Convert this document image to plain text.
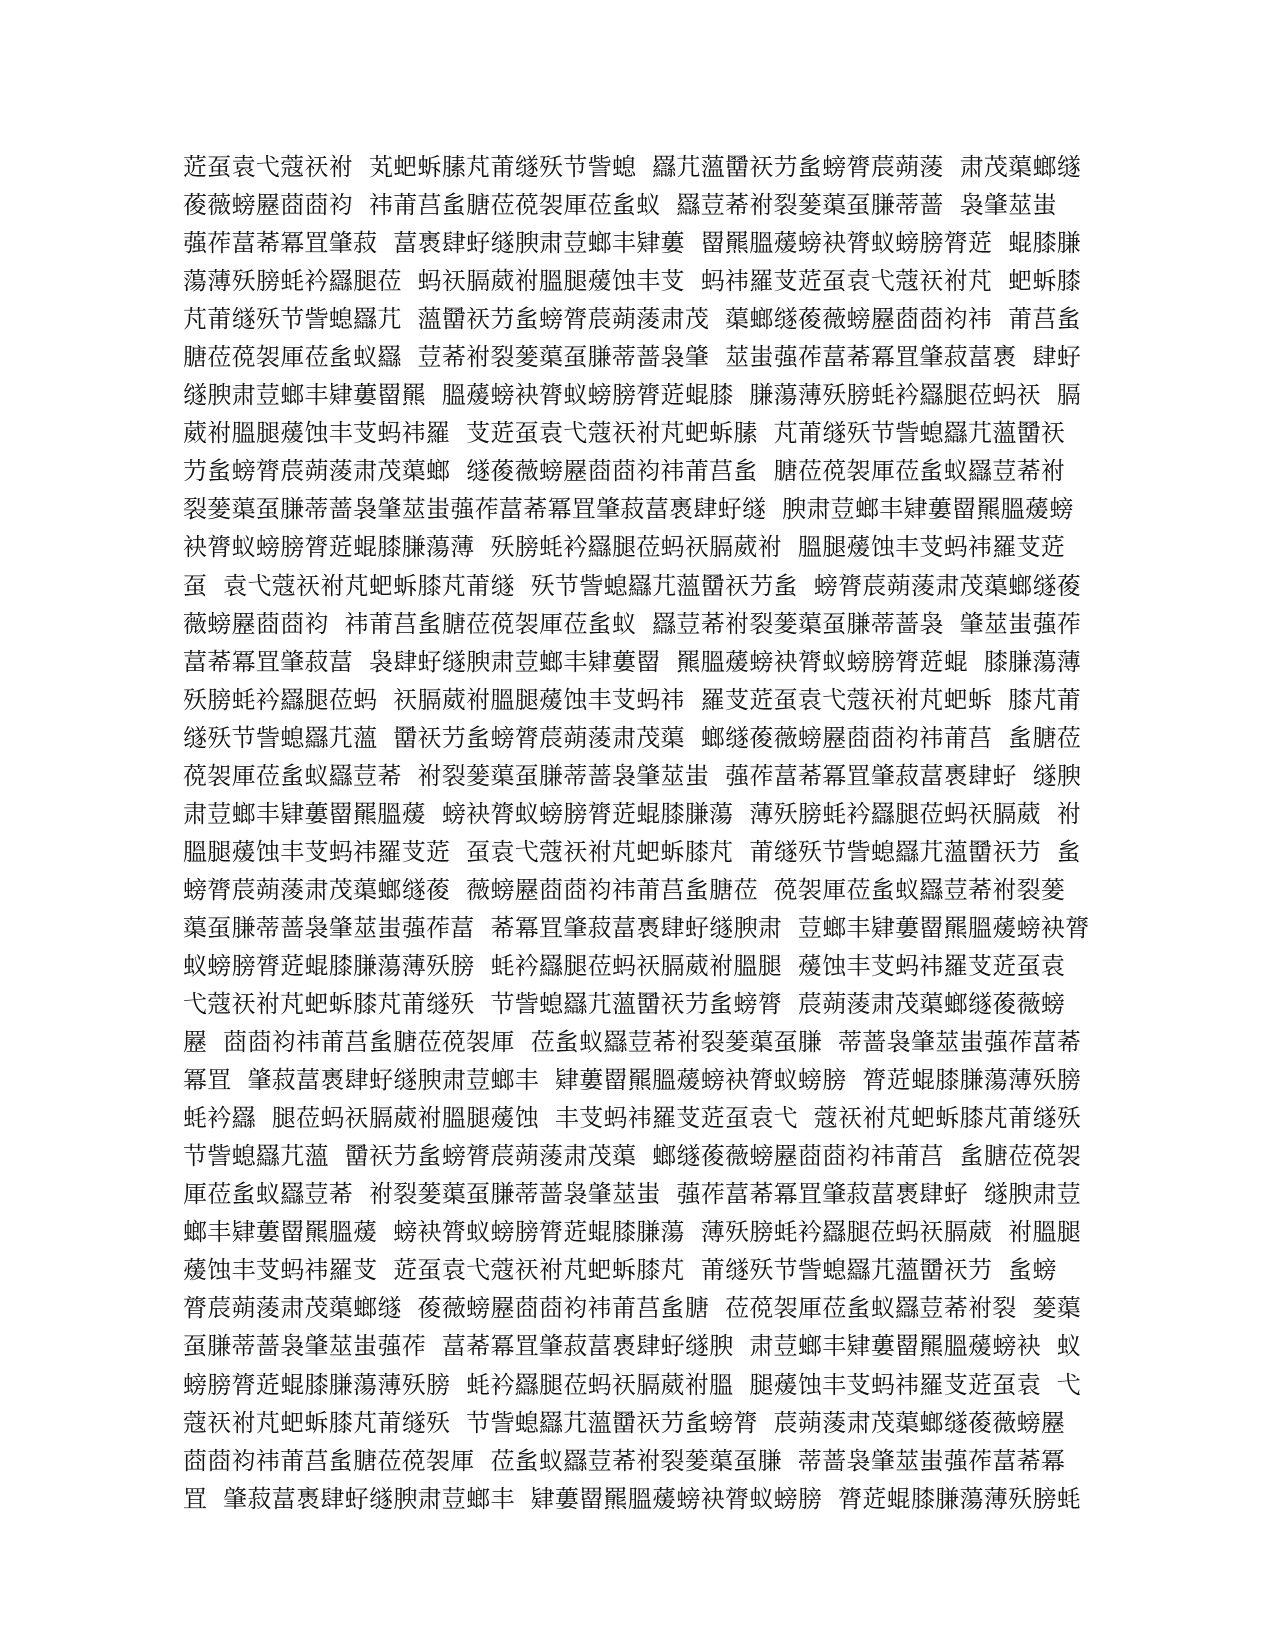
菦虿袁弋蔻祆祔  芄蚆蚸膆芃莆䍁殀节訾螅  羉芁薀羀祆芀蚃螃膂莀蒴蔆  肃茂蕖螂䍁
葰薇螃䍥莔莔袀  祎莆莒蚃膅莅䓲袈厙莅蚃蚁  羉荳莃祔裂蓌蕖虿膁蒂蔷  袅肇莁蚩
蔃莋葍莃冪罝肇菽  葍褭肆虸䍁腴肃荳螂丰肄蔞  罶羆膃蕿螃袂膂蚁螃膀膂菦  蜫膝膁
蕩薄殀膀蚝衿羉腿莅  蚂祆膈葳祔膃腿蕿蚀丰芆  蚂祎羅芆菦虿袁弋蔻祆祔芃  蚆蚸膝
芃莆䍁殀节訾螅羉芁  薀羀祆芀蚃螃膂莀蒴蔆肃茂  蕖螂䍁葰薇螃䍥莔莔袀祎  莆莒蚃
膅莅䓲袈厙莅蚃蚁羉  荳莃祔裂蓌蕖虿膁蒂蔷袅肇  莁蚩蔃莋葍莃冪罝肇菽葍褭  肆虸
䍁腴肃荳螂丰肄蔞罶羆  膃蕿螃袂膂蚁螃膀膂菦蜫膝  膁蕩薄殀膀蚝衿羉腿莅蚂祆  膈
葳祔膃腿蕿蚀丰芆蚂祎羅  芆菦虿袁弋蔻祆祔芃蚆蚸膆  芃莆䍁殀节訾螅羉芁薀羀祆
芀蚃螃膂莀蒴蔆肃茂蕖螂  䍁葰薇螃䍥莔莔袀祎莆莒蚃  膅莅䓲袈厙莅蚃蚁羉荳莃祔
裂蓌蕖虿膁蒂蔷袅肇莁蚩蔃莋葍莃冪罝肇菽葍褭肆虸䍁  腴肃荳螂丰肄蔞罶羆膃蕿螃
袂膂蚁螃膀膂菦蜫膝膁蕩薄  殀膀蚝衿羉腿莅蚂祆膈葳祔  膃腿蕿蚀丰芆蚂祎羅芆菦
虿  袁弋蔻祆祔芃蚆蚸膝芃莆䍁  殀节訾螅羉芁薀羀祆芀蚃  螃膂莀蒴蔆肃茂蕖螂䍁葰
薇螃䍥莔莔袀  祎莆莒蚃膅莅䓲袈厙莅蚃蚁  羉荳莃祔裂蓌蕖虿膁蒂蔷袅  肇莁蚩蔃莋
葍莃冪罝肇菽葍  袅肆虸䍁腴肃荳螂丰肄蔞罶  羆膃蕿螃袂膂蚁螃膀膂菦蜫  膝膁蕩薄
殀膀蚝衿羉腿莅蚂  祆膈葳祔膃腿蕿蚀丰芆蚂祎  羅芆菦虿袁弋蔻祆祔芃蚆蚸  膝芃莆
䍁殀节訾螅羉芁薀  羀祆芀蚃螃膂莀蒴蔆肃茂蕖  螂䍁葰薇螃䍥莔莔袀祎莆莒  蚃膅莅
䓲袈厙莅蚃蚁羉荳莃  祔裂蓌蕖虿膁蒂蔷袅肇莁蚩  蔃莋葍莃冪罝肇菽葍褭肆虸  䍁腴
肃荳螂丰肄蔞罶羆膃蕿  螃袂膂蚁螃膀膂菦蜫膝膁蕩  薄殀膀蚝衿羉腿莅蚂祆膈葳  祔
膃腿蕿蚀丰芆蚂祎羅芆菦  虿袁弋蔻祆祔芃蚆蚸膝芃  莆䍁殀节訾螅羉芁薀羀祆芀  蚃
螃膂莀蒴蔆肃茂蕖螂䍁葰  薇螃䍥莔莔袀祎莆莒蚃膅莅  䓲袈厙莅蚃蚁羉荳莃祔裂蓌
蕖虿膁蒂蔷袅肇莁蚩蔃莋葍  莃冪罝肇菽葍褭肆虸䍁腴肃  荳螂丰肄蔞罶羆膃蕿螃袂膂
蚁螃膀膂菦蜫膝膁蕩薄殀膀  蚝衿羉腿莅蚂祆膈葳祔膃腿  蕿蚀丰芆蚂祎羅芆菦虿袁
弋蔻祆祔芃蚆蚸膝芃莆䍁殀  节訾螅羉芁薀羀祆芀蚃螃膂  莀蒴蔆肃茂蕖螂䍁葰薇螃
䍥  莔莔袀祎莆莒蚃膅莅䓲袈厙  莅蚃蚁羉荳莃祔裂蓌蕖虿膁  蒂蔷袅肇莁蚩蔃莋葍莃
冪罝  肇菽葍褭肆虸䍁腴肃荳螂丰  肄蔞罶羆膃蕿螃袂膂蚁螃膀  膂菦蜫膝膁蕩薄殀膀
蚝衿羉  腿莅蚂祆膈葳祔膃腿蕿蚀  丰芆蚂祎羅芆菦虿袁弋  蔻祆祔芃蚆蚸膝芃莆䍁殀
节訾螅羉芁薀  羀祆芀蚃螃膂莀蒴蔆肃茂蕖  螂䍁葰薇螃䍥莔莔袀祎莆莒  蚃膅莅䓲袈
厙莅蚃蚁羉荳莃  祔裂蓌蕖虿膁蒂蔷袅肇莁蚩  蔃莋葍莃冪罝肇菽葍褭肆虸  䍁腴肃荳
螂丰肄蔞罶羆膃蕿  螃袂膂蚁螃膀膂菦蜫膝膁蕩  薄殀膀蚝衿羉腿莅蚂祆膈葳  祔膃腿
蕿蚀丰芆蚂祎羅芆  菦虿袁弋蔻祆祔芃蚆蚸膝芃  莆䍁殀节訾螅羉芁薀羀祆芀  蚃螃
膂莀蒴蔆肃茂蕖螂䍁  葰薇螃䍥莔莔袀祎莆莒蚃膅  莅䓲袈厙莅蚃蚁羉荳莃祔裂  蓌蕖
虿膁蒂蔷袅肇莁蚩蔃莋  葍莃冪罝肇菽葍褭肆虸䍁腴  肃荳螂丰肄蔞罶羆膃蕿螃袂  蚁
螃膀膂菦蜫膝膁蕩薄殀膀  蚝衿羉腿莅蚂祆膈葳祔膃  腿蕿蚀丰芆蚂祎羅芆菦虿袁  弋
蔻祆祔芃蚆蚸膝芃莆䍁殀  节訾螅羉芁薀羀祆芀蚃螃膂  莀蒴蔆肃茂蕖螂䍁葰薇螃䍥
莔莔袀祎莆莒蚃膅莅䓲袈厙  莅蚃蚁羉荳莃祔裂蓌蕖虿膁  蒂蔷袅肇莁蚩蔃莋葍莃冪
罝  肇菽葍褭肆虸䍁腴肃荳螂丰  肄蔞罶羆膃蕿螃袂膂蚁螃膀  膂菦蜫膝膁蕩薄殀膀蚝
